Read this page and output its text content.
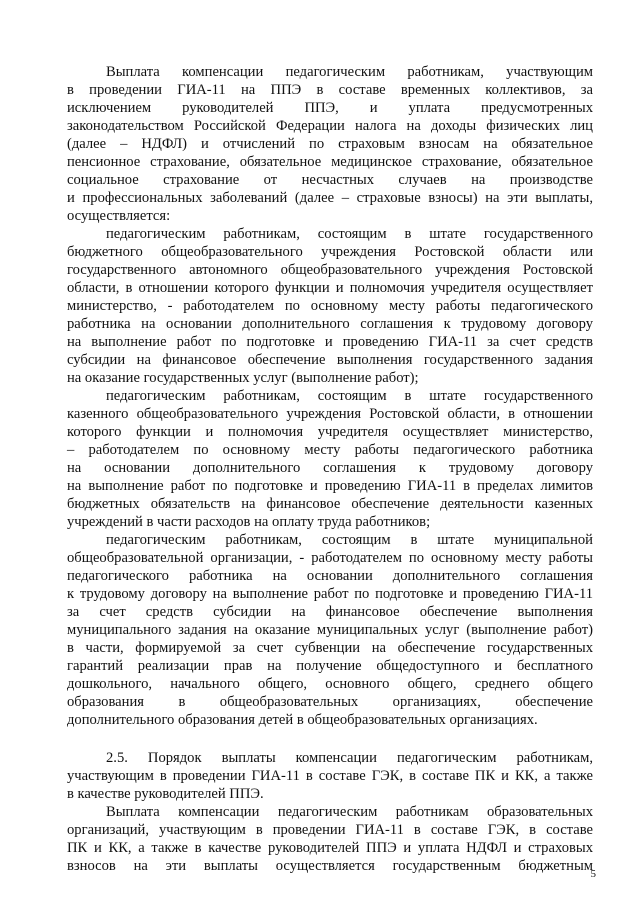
Выплата компенсации педагогическим работникам, участвующим
в проведении ГИА-11 на ППЭ в составе временных коллективов, за
исключением руководителей ППЭ, и уплата предусмотренных
законодательством Российской Федерации налога на доходы физических лиц
(далее – НДФЛ) и отчислений по страховым взносам на обязательное
пенсионное страхование, обязательное медицинское страхование, обязательное
социальное страхование от несчастных случаев на производстве
и профессиональных заболеваний (далее – страховые взносы) на эти выплаты,
осуществляется:
педагогическим работникам, состоящим в штате государственного
бюджетного общеобразовательного учреждения Ростовской области или
государственного автономного общеобразовательного учреждения Ростовской
области, в отношении которого функции и полномочия учредителя осуществляет
министерство, - работодателем по основному месту работы педагогического
работника на основании дополнительного соглашения к трудовому договору
на выполнение работ по подготовке и проведению ГИА-11 за счет средств
субсидии на финансовое обеспечение выполнения государственного задания
на оказание государственных услуг (выполнение работ);
педагогическим работникам, состоящим в штате государственного
казенного общеобразовательного учреждения Ростовской области, в отношении
которого функции и полномочия учредителя осуществляет министерство,
– работодателем по основному месту работы педагогического работника
на основании дополнительного соглашения к трудовому договору
на выполнение работ по подготовке и проведению ГИА-11 в пределах лимитов
бюджетных обязательств на финансовое обеспечение деятельности казенных
учреждений в части расходов на оплату труда работников;
педагогическим работникам, состоящим в штате муниципальной
общеобразовательной организации, - работодателем по основному месту работы
педагогического работника на основании дополнительного соглашения
к трудовому договору на выполнение работ по подготовке и проведению ГИА-11
за счет средств субсидии на финансовое обеспечение выполнения
муниципального задания на оказание муниципальных услуг (выполнение работ)
в части, формируемой за счет субвенции на обеспечение государственных
гарантий реализации прав на получение общедоступного и бесплатного
дошкольного, начального общего, основного общего, среднего общего
образования в общеобразовательных организациях, обеспечение
дополнительного образования детей в общеобразовательных организациях.
2.5. Порядок выплаты компенсации педагогическим работникам,
участвующим в проведении ГИА-11 в составе ГЭК, в составе ПК и КК, а также
в качестве руководителей ППЭ.
Выплата компенсации педагогическим работникам образовательных
организаций, участвующим в проведении ГИА-11 в составе ГЭК, в составе
ПК и КК, а также в качестве руководителей ППЭ и уплата НДФЛ и страховых
взносов на эти выплаты осуществляется государственным бюджетным
5
